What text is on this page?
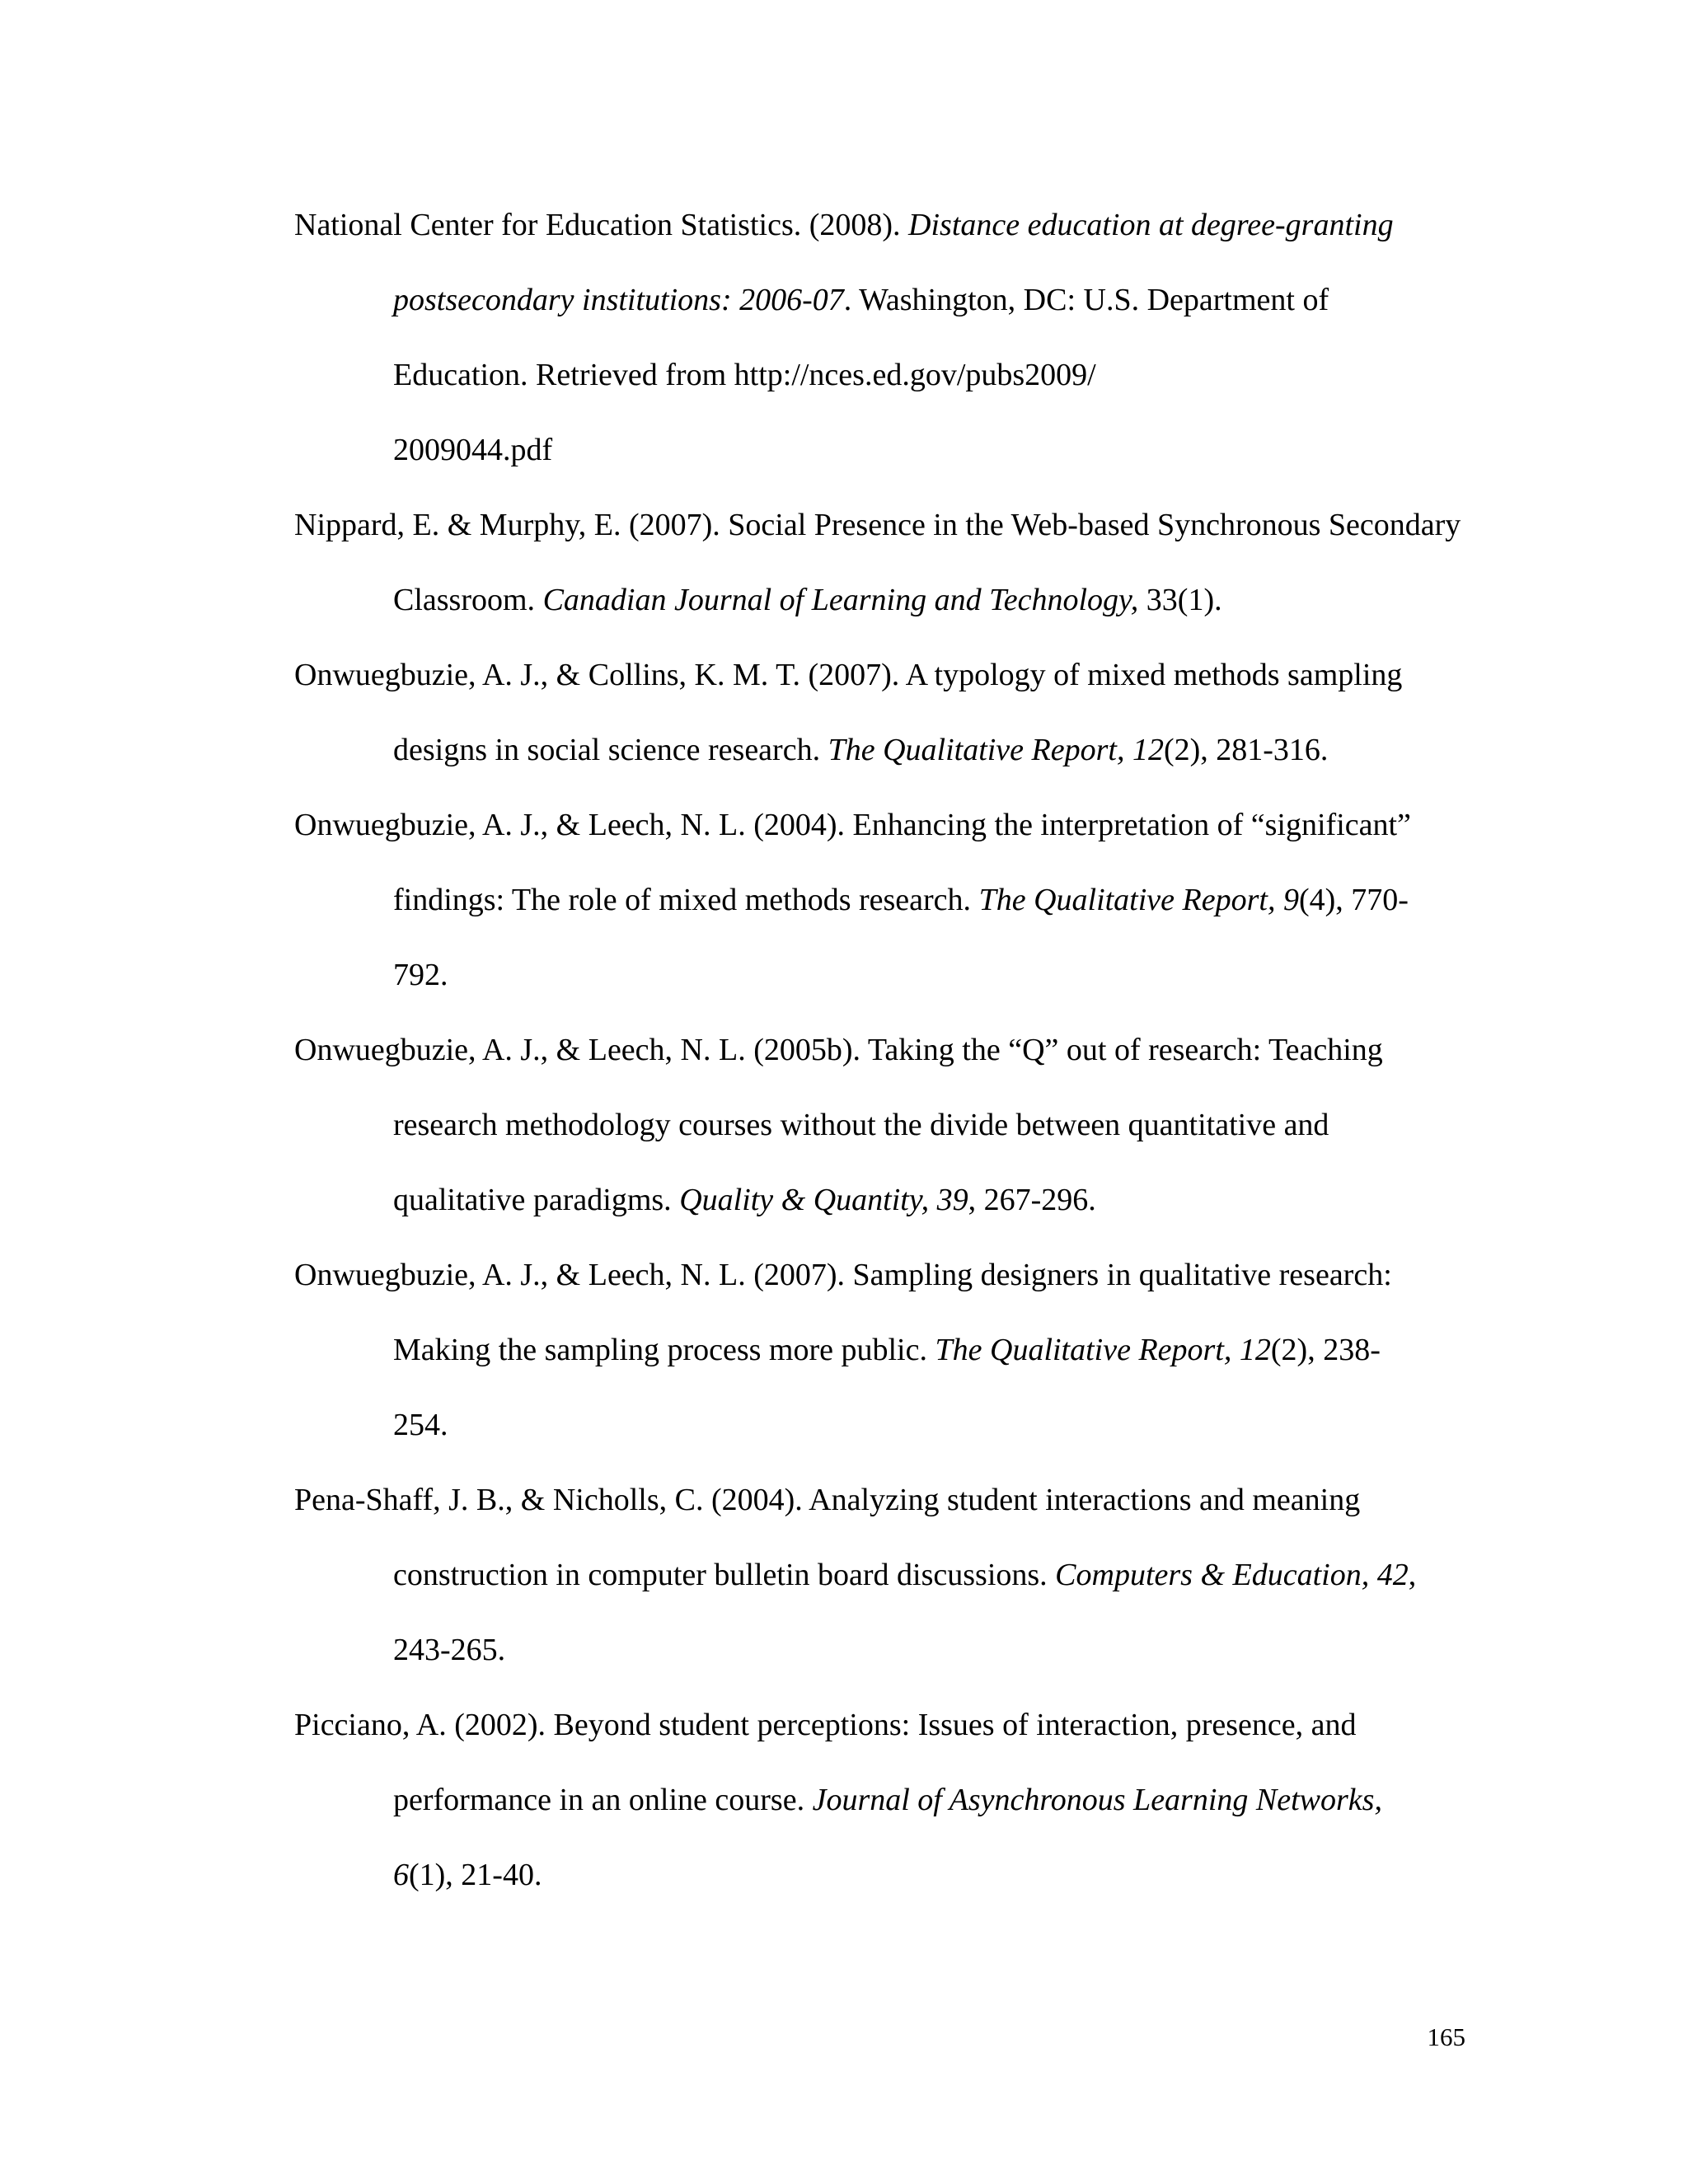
National Center for Education Statistics. (2008). Distance education at degree-granting postsecondary institutions: 2006-07. Washington, DC: U.S. Department of Education. Retrieved from http://nces.ed.gov/pubs2009/
2009044.pdf
Nippard, E. & Murphy, E. (2007). Social Presence in the Web-based Synchronous Secondary Classroom. Canadian Journal of Learning and Technology, 33(1).
Onwuegbuzie, A. J., & Collins, K. M. T. (2007). A typology of mixed methods sampling designs in social science research. The Qualitative Report, 12(2), 281-316.
Onwuegbuzie, A. J., & Leech, N. L. (2004). Enhancing the interpretation of “significant” findings: The role of mixed methods research. The Qualitative Report, 9(4), 770-
792.
Onwuegbuzie, A. J., & Leech, N. L. (2005b). Taking the “Q” out of research: Teaching research methodology courses without the divide between quantitative and qualitative paradigms. Quality & Quantity, 39, 267-296.
Onwuegbuzie, A. J., & Leech, N. L. (2007). Sampling designers in qualitative research: Making the sampling process more public. The Qualitative Report, 12(2), 238-
254.
Pena-Shaff, J. B., & Nicholls, C. (2004). Analyzing student interactions and meaning construction in computer bulletin board discussions. Computers & Education, 42,
243-265.
Picciano, A. (2002). Beyond student perceptions: Issues of interaction, presence, and performance in an online course. Journal of Asynchronous Learning Networks,
6(1), 21-40.
165
